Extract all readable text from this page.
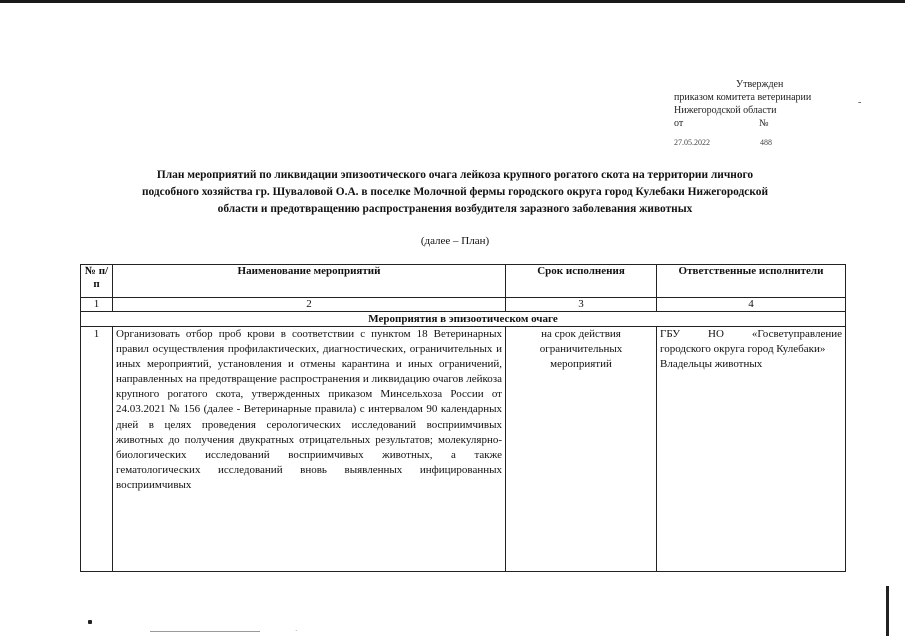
Утвержден
приказом комитета ветеринарии
Нижегородской области
от	№
27.05.2022	488
-
План мероприятий по ликвидации эпизоотического очага лейкоза крупного рогатого скота на территории личного
подсобного хозяйства гр. Шуваловой О.А. в поселке Молочной фермы городского округа город Кулебаки Нижегородской
области и предотвращению распространения возбудителя заразного заболевания животных
(далее – План)
№ п/п	Наименование мероприятий	Срок исполнения	Ответственные исполнители
1	2	3	4
Мероприятия в эпизоотическом очаге			
1	Организовать отбор проб крови в соответствии с пунктом 18 Ветеринарных правил осуществления профилактических, диагностических, ограничительных и иных мероприятий, установления и отмены карантина и иных ограничений, направленных на предотвращение распространения и ликвидацию очагов лейкоза крупного рогатого скота, утвержденных приказом Минсельхоза России от 24.03.2021 № 156 (далее - Ветеринарные правила) с интервалом 90 календарных дней в целях проведения серологических исследований восприимчивых животных до получения двукратных отрицательных результатов; молекулярно-биологических исследований восприимчивых животных, а также гематологических исследований вновь выявленных инфицированных восприимчивых	на срок действия ограничительных мероприятий	ГБУ НО «Госветуправление городского округа город Кулебаки»

Владельцы животных

·
